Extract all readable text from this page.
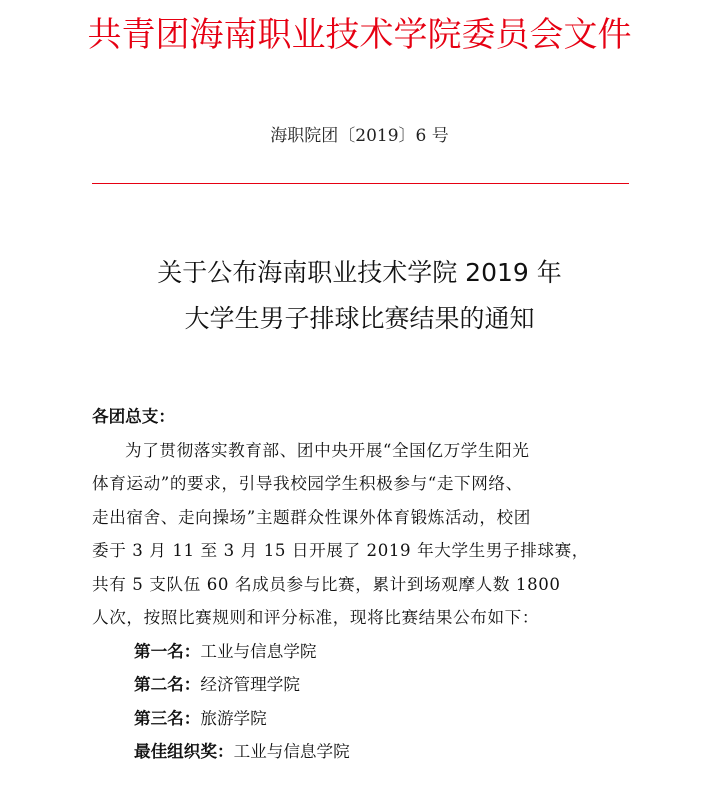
共青团海南职业技术学院委员会文件
海职院团〔2019〕6 号
关于公布海南职业技术学院 2019 年
大学生男子排球比赛结果的通知
各团总支：
为了贯彻落实教育部、团中央开展“全国亿万学生阳光
体育运动”的要求，引导我校园学生积极参与“走下网络、
走出宿舍、走向操场”主题群众性课外体育锻炼活动，校团
委于 3 月 11 至 3 月 15 日开展了 2019 年大学生男子排球赛，
共有 5 支队伍 60 名成员参与比赛，累计到场观摩人数 1800
人次，按照比赛规则和评分标准，现将比赛结果公布如下：
第一名：工业与信息学院
第二名：经济管理学院
第三名：旅游学院
最佳组织奖：工业与信息学院
